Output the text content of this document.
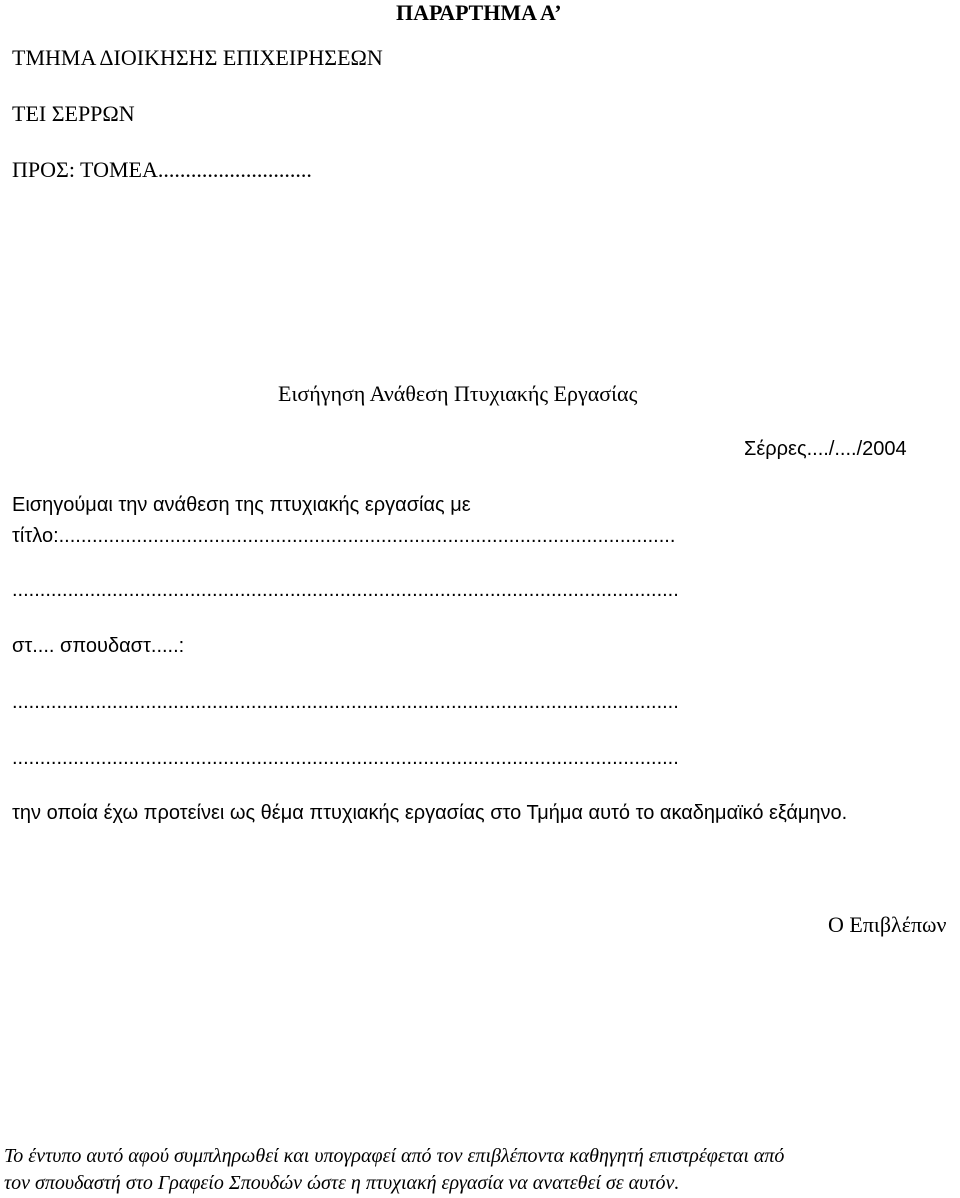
ΠΑΡΑΡΤΗΜΑ Α’
ΤΜΗΜΑ ΔΙΟΙΚΗΣΗΣ ΕΠΙΧΕΙΡΗΣΕΩΝ
ΤΕΙ ΣΕΡΡΩΝ
ΠΡΟΣ: ΤΟΜΕΑ............................
Εισήγηση Ανάθεση Πτυχιακής Εργασίας
Σέρρες..../..../2004
Εισηγούμαι την ανάθεση της πτυχιακής εργασίας με
τίτλο:...............................................................................................................
........................................................................................................................
στ.... σπουδαστ.....:
........................................................................................................................
........................................................................................................................
την οποία έχω προτείνει ως θέμα πτυχιακής εργασίας στο Τμήμα αυτό το ακαδημαϊκό εξάμηνο.
Ο Επιβλέπων
Το έντυπο αυτό αφού συμπληρωθεί και υπογραφεί από τον επιβλέποντα καθηγητή επιστρέφεται από
τον σπουδαστή στο Γραφείο Σπουδών ώστε η πτυχιακή εργασία να ανατεθεί σε αυτόν.
